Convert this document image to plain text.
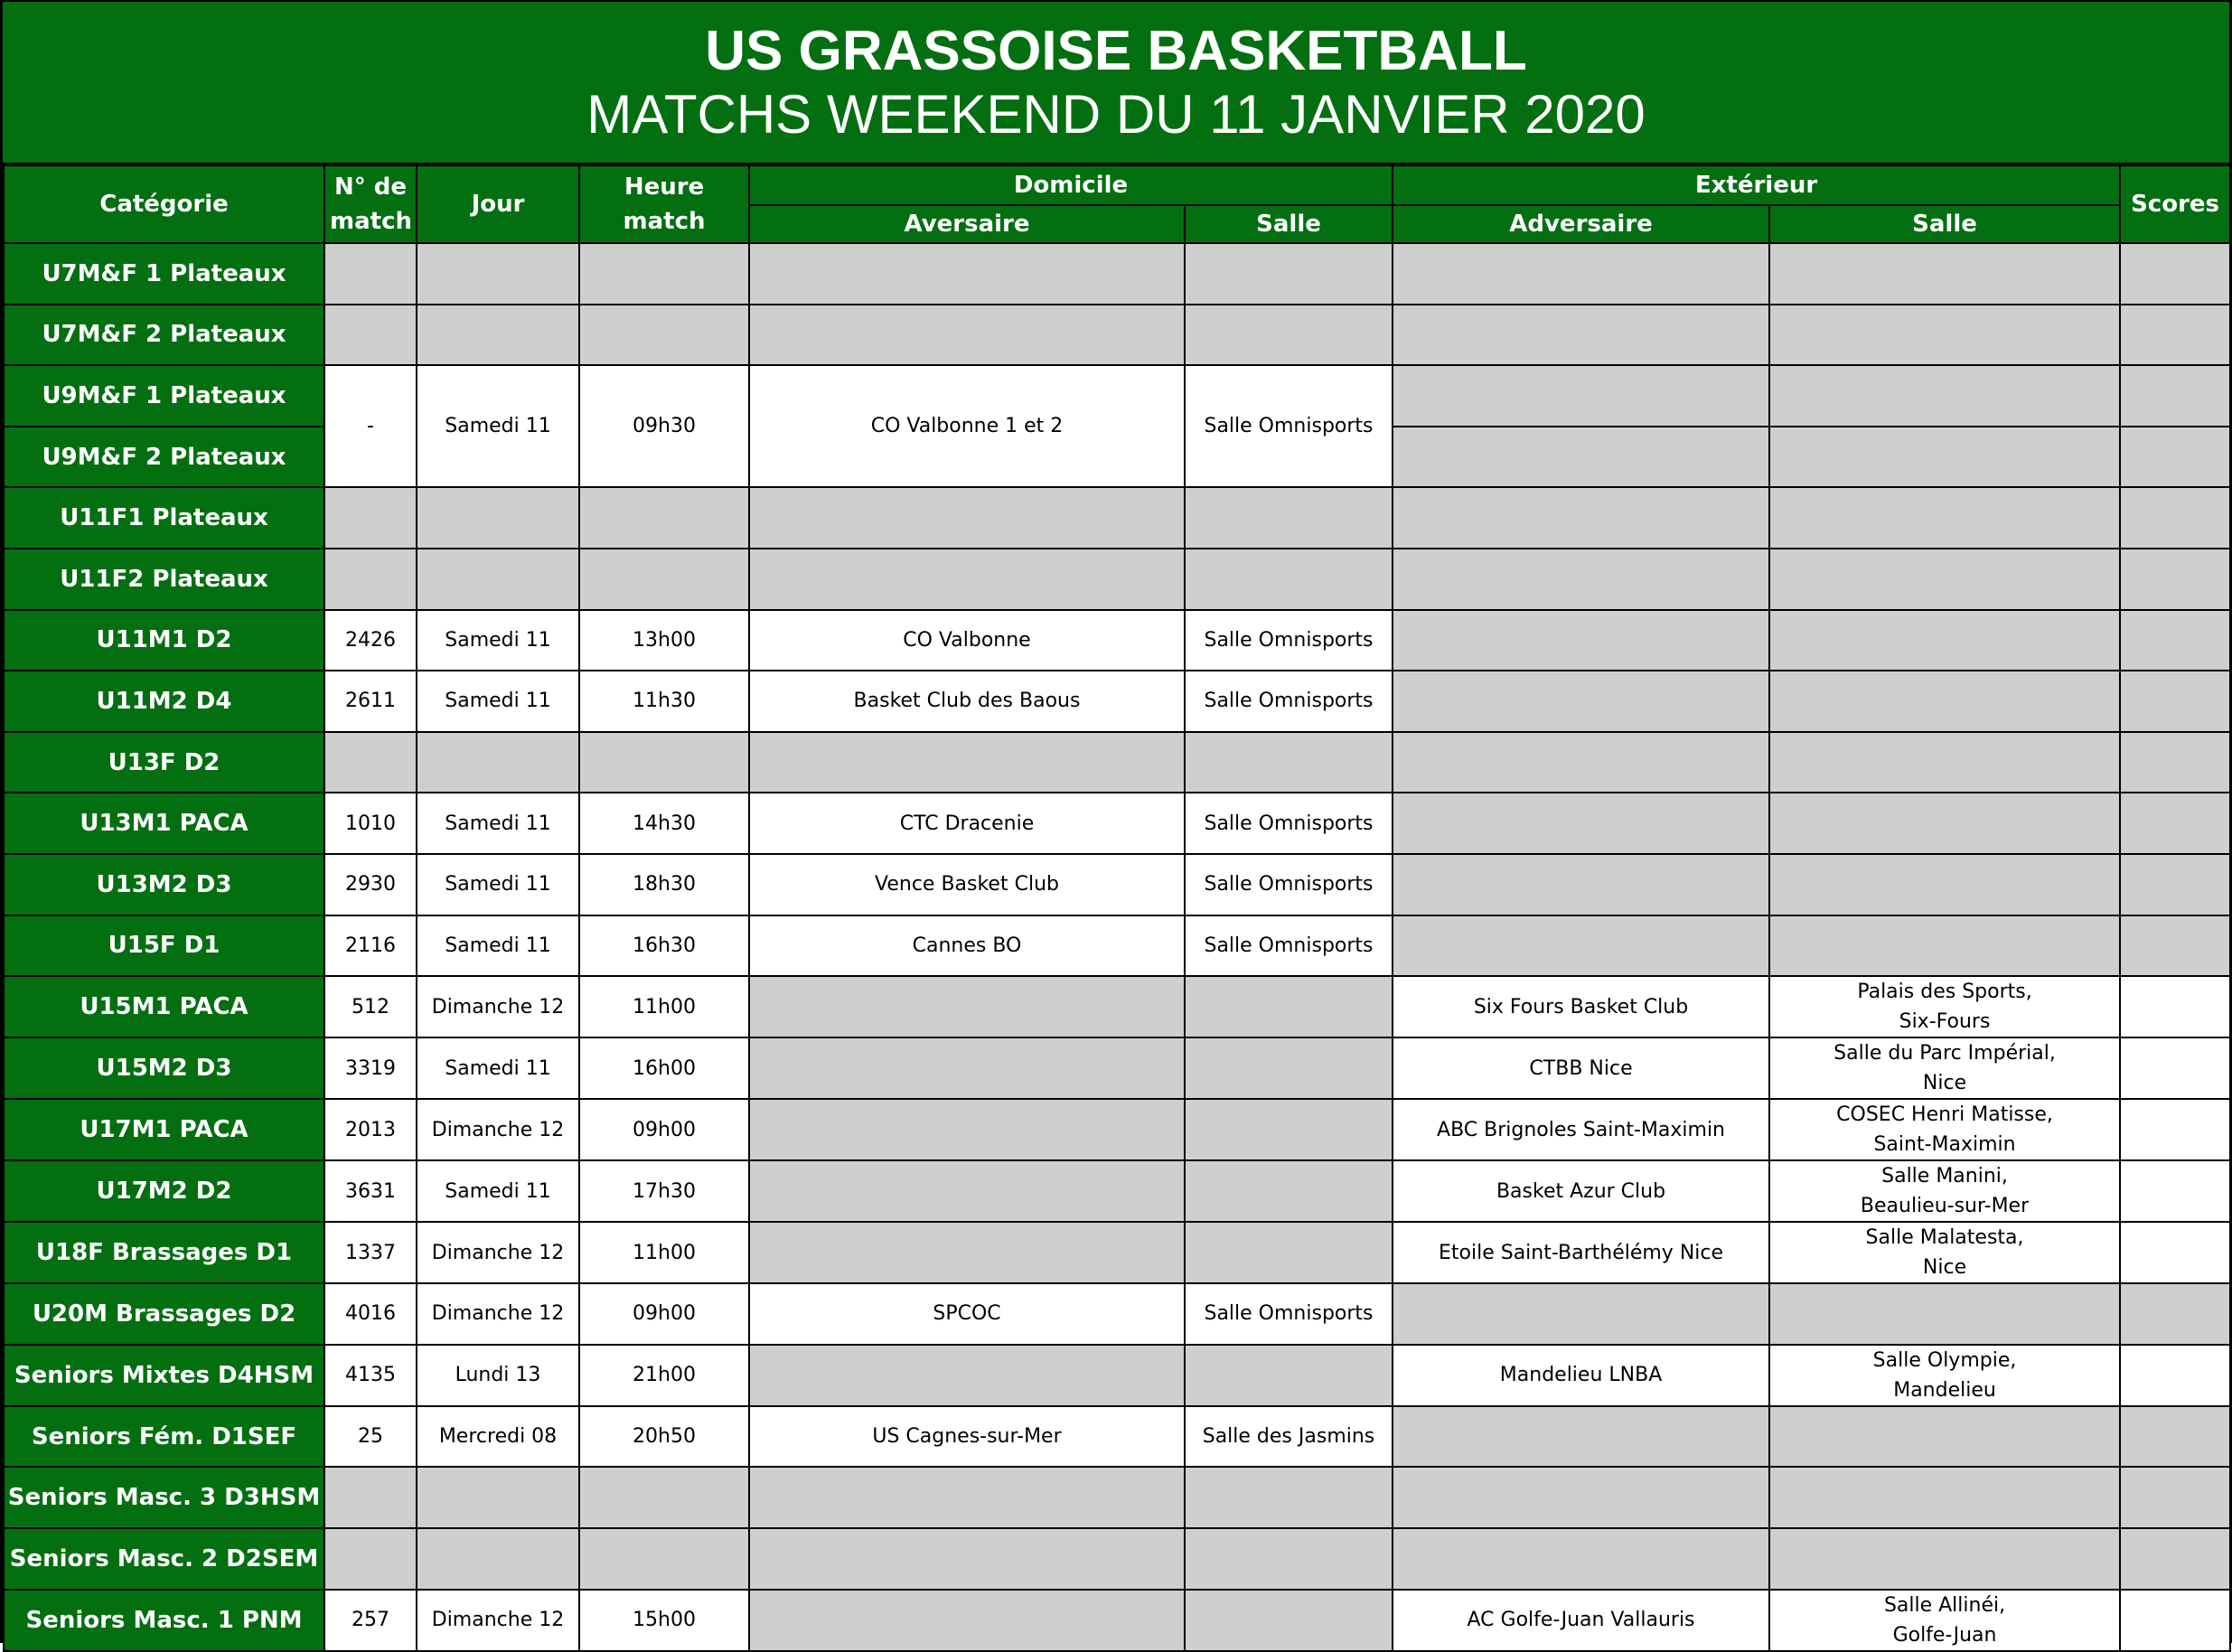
US GRASSOISE BASKETBALL
MATCHS WEEKEND DU 11 JANVIER 2020
Catégorie	N° de match	Jour	Heure match	Domicile		Extérieur		Scores
				Aversaire	Salle	Adversaire	Salle	
U7M&F 1 Plateaux								
U7M&F 2 Plateaux								
U9M&F 1 Plateaux	-	Samedi 11	09h30	CO Valbonne 1 et 2	Salle Omnisports			
U9M&F 2 Plateaux								
U11F1 Plateaux								
U11F2 Plateaux								
U11M1 D2	2426	Samedi 11	13h00	CO Valbonne	Salle Omnisports			
U11M2 D4	2611	Samedi 11	11h30	Basket Club des Baous	Salle Omnisports			
U13F D2								
U13M1 PACA	1010	Samedi 11	14h30	CTC Dracenie	Salle Omnisports			
U13M2 D3	2930	Samedi 11	18h30	Vence Basket Club	Salle Omnisports			
U15F D1	2116	Samedi 11	16h30	Cannes BO	Salle Omnisports			
U15M1 PACA	512	Dimanche 12	11h00			Six Fours Basket Club	Palais des Sports,
Six-Fours	

U15M2 D3	3319	Samedi 11	16h00			CTBB Nice	Salle du Parc Impérial,
Nice	

U17M1 PACA	2013	Dimanche 12	09h00			ABC Brignoles Saint-Maximin	COSEC Henri Matisse,
Saint-Maximin	

U17M2 D2	3631	Samedi 11	17h30			Basket Azur Club	Salle Manini,
Beaulieu-sur-Mer	

U18F Brassages D1	1337	Dimanche 12	11h00			Etoile Saint-Barthélémy Nice	Salle Malatesta,
Nice	

U20M Brassages D2	4016	Dimanche 12	09h00	SPCOC	Salle Omnisports			
Seniors Mixtes D4HSM	4135	Lundi 13	21h00			Mandelieu LNBA	Salle Olympie,
Mandelieu	

Seniors Fém. D1SEF	25	Mercredi 08	20h50	US Cagnes-sur-Mer	Salle des Jasmins			
Seniors Masc. 3 D3HSM								
Seniors Masc. 2 D2SEM								
Seniors Masc. 1 PNM	257	Dimanche 12	15h00			AC Golfe-Juan Vallauris	Salle Allinéi,
Golfe-Juan	
